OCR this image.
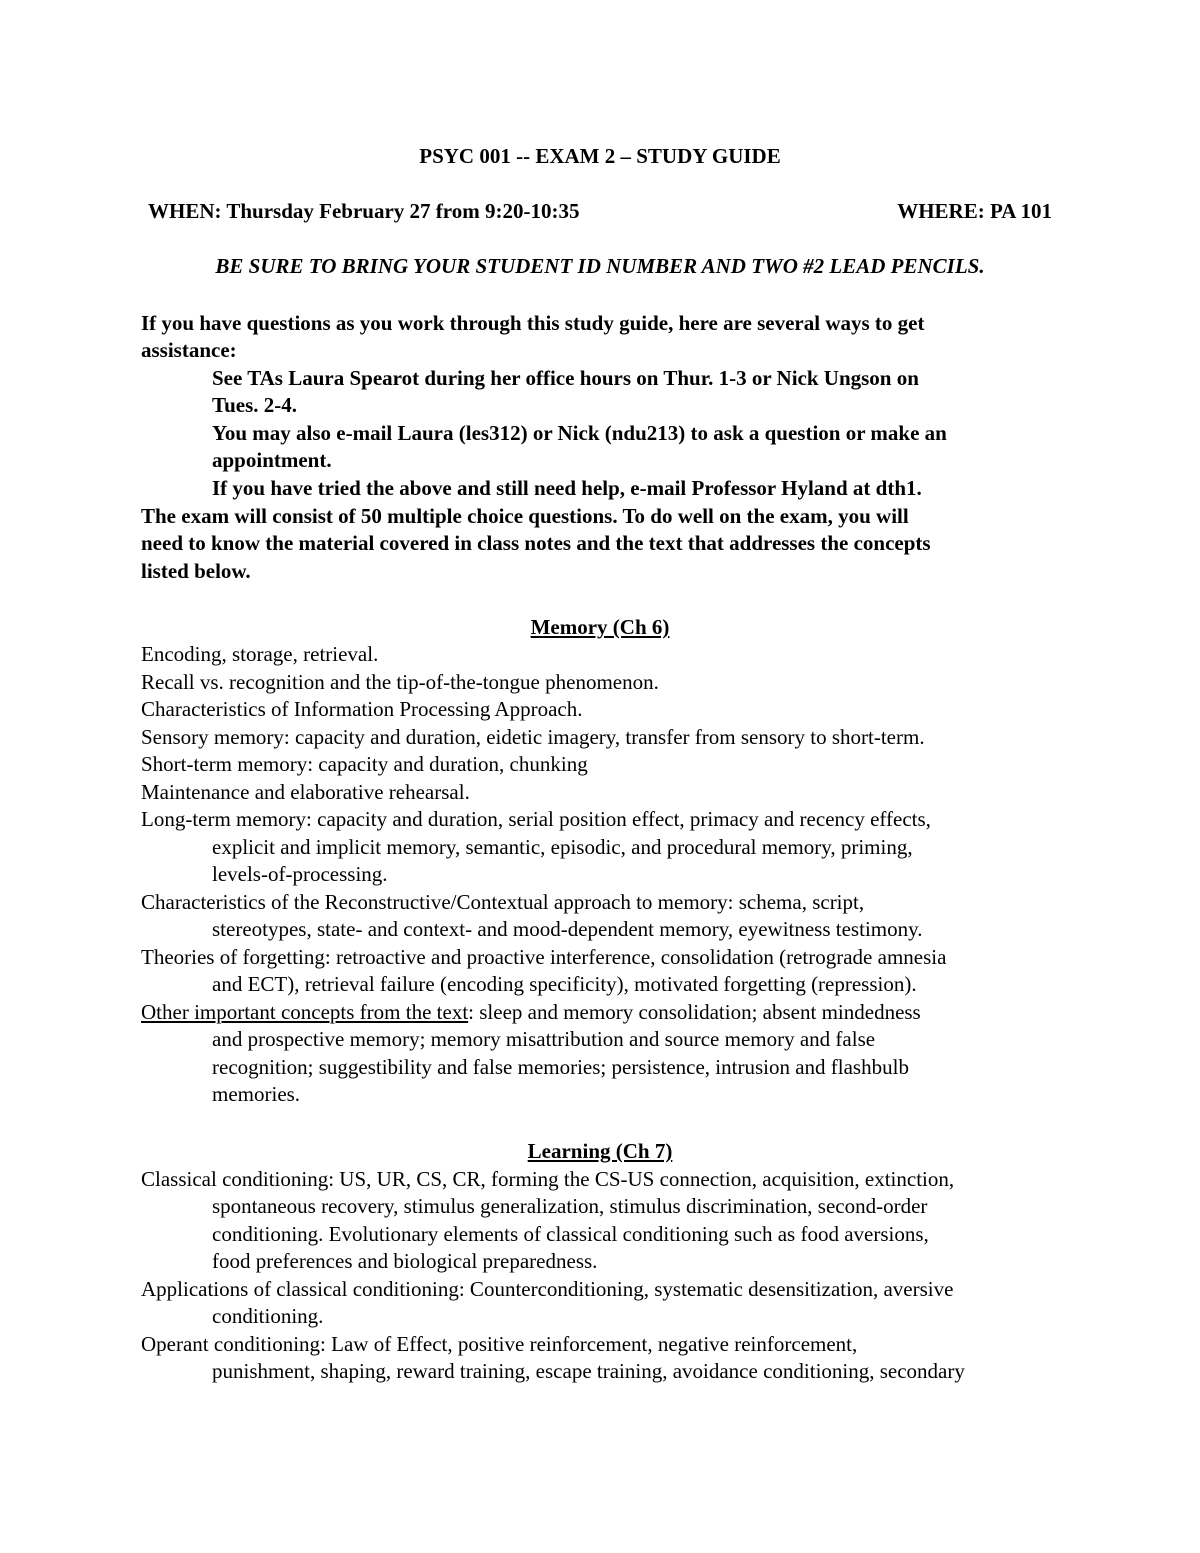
PSYC 001 -- EXAM 2 – STUDY GUIDE
WHEN: Thursday February 27 from 9:20-10:35	WHERE: PA 101
BE SURE TO BRING YOUR STUDENT ID NUMBER AND TWO #2 LEAD PENCILS.
If you have questions as you work through this study guide, here are several ways to get
assistance:
See TAs Laura Spearot during her office hours on Thur. 1-3 or Nick Ungson on
Tues. 2-4.
You may also e-mail Laura (les312) or Nick (ndu213) to ask a question or make an
appointment.
If you have tried the above and still need help, e-mail Professor Hyland at dth1.
The exam will consist of 50 multiple choice questions. To do well on the exam, you will
need to know the material covered in class notes and the text that addresses the concepts
listed below.
Memory (Ch 6)
Encoding, storage, retrieval.
Recall vs. recognition and the tip-of-the-tongue phenomenon.
Characteristics of Information Processing Approach.
Sensory memory: capacity and duration, eidetic imagery, transfer from sensory to short-term.
Short-term memory: capacity and duration, chunking
Maintenance and elaborative rehearsal.
Long-term memory: capacity and duration, serial position effect, primacy and recency effects,
explicit and implicit memory, semantic, episodic, and procedural memory, priming,
levels-of-processing.
Characteristics of the Reconstructive/Contextual approach to memory: schema, script,
stereotypes, state- and context- and mood-dependent memory, eyewitness testimony.
Theories of forgetting: retroactive and proactive interference, consolidation (retrograde amnesia
and ECT), retrieval failure (encoding specificity), motivated forgetting (repression).
Other important concepts from the text: sleep and memory consolidation; absent mindedness
and prospective memory; memory misattribution and source memory and false
recognition; suggestibility and false memories; persistence, intrusion and flashbulb
memories.
Learning (Ch 7)
Classical conditioning: US, UR, CS, CR, forming the CS-US connection, acquisition, extinction,
spontaneous recovery, stimulus generalization, stimulus discrimination, second-order
conditioning. Evolutionary elements of classical conditioning such as food aversions,
food preferences and biological preparedness.
Applications of classical conditioning: Counterconditioning, systematic desensitization, aversive
conditioning.
Operant conditioning: Law of Effect, positive reinforcement, negative reinforcement,
punishment, shaping, reward training, escape training, avoidance conditioning, secondary
